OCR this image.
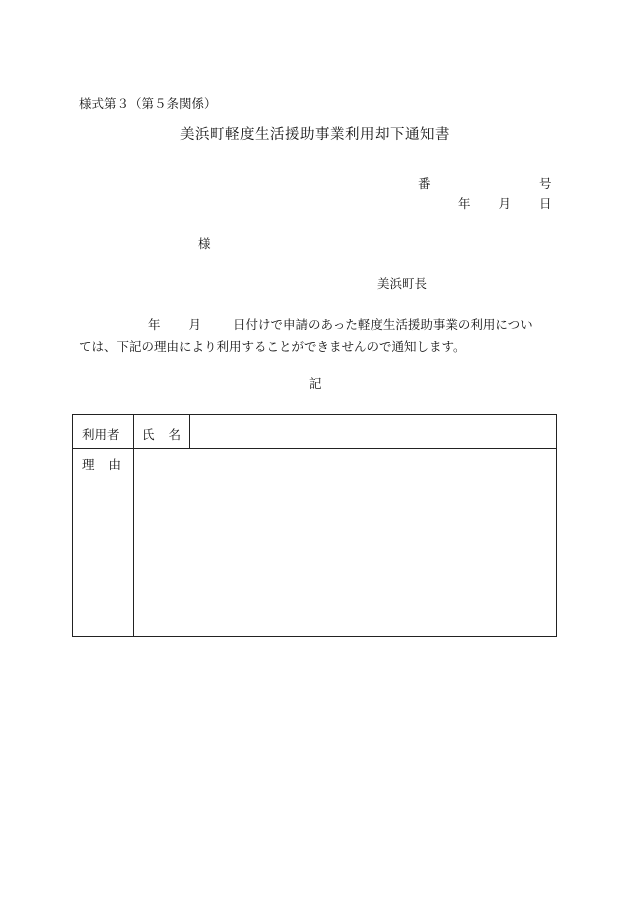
様式第３（第５条関係）
美浜町軽度生活援助事業利用却下通知書
番	号
年 月 日
様
美浜町長
年 月	日付けで申請のあった軽度生活援助事業の利用につい
ては、下記の理由により利用することができませんので通知します。
記
利用者 氏 名
理 由
